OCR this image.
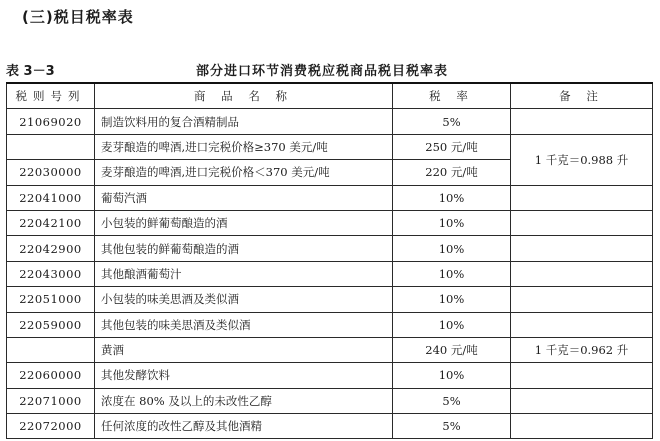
(三)税目税率表
表 3－3	部分进口环节消费税应税商品税目税率表
税则号列	商 品 名 称	税 率	备 注
21069020	制造饮料用的复合酒精制品	5%	
	麦芽酿造的啤酒,进口完税价格≥370 美元/吨	250 元/吨	1 千克＝0.988 升
22030000	麦芽酿造的啤酒,进口完税价格＜370 美元/吨	220 元/吨	
22041000	葡萄汽酒	10%	
22042100	小包装的鲜葡萄酿造的酒	10%	
22042900	其他包装的鲜葡萄酿造的酒	10%	
22043000	其他酿酒葡萄汁	10%	
22051000	小包装的味美思酒及类似酒	10%	
22059000	其他包装的味美思酒及类似酒	10%	
	黄酒	240 元/吨	1 千克＝0.962 升
22060000	其他发酵饮料	10%	
22071000	浓度在 80% 及以上的未改性乙醇	5%	
22072000	任何浓度的改性乙醇及其他酒精	5%	
